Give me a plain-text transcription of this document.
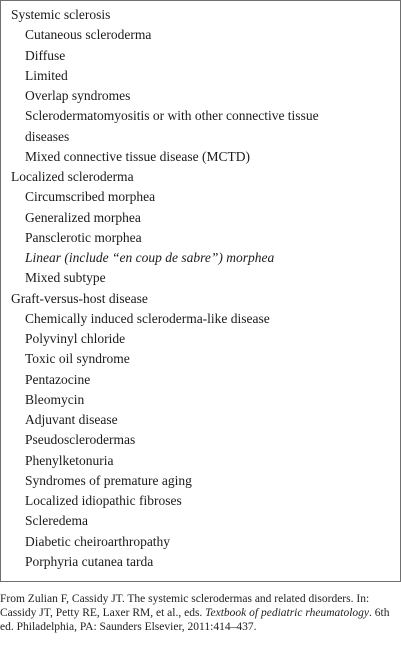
Systemic sclerosis
Cutaneous scleroderma
Diffuse
Limited
Overlap syndromes
Sclerodermatomyositis or with other connective tissue
diseases
Mixed connective tissue disease (MCTD)
Localized scleroderma
Circumscribed morphea
Generalized morphea
Pansclerotic morphea
Linear (include “en coup de sabre”) morphea
Mixed subtype
Graft-versus-host disease
Chemically induced scleroderma-like disease
Polyvinyl chloride
Toxic oil syndrome
Pentazocine
Bleomycin
Adjuvant disease
Pseudosclerodermas
Phenylketonuria
Syndromes of premature aging
Localized idiopathic fibroses
Scleredema
Diabetic cheiroarthropathy
Porphyria cutanea tarda
From Zulian F, Cassidy JT. The systemic sclerodermas and related disorders. In: Cassidy JT, Petty RE, Laxer RM, et al., eds. Textbook of pediatric rheumatology. 6th ed. Philadelphia, PA: Saunders Elsevier, 2011:414–437.
